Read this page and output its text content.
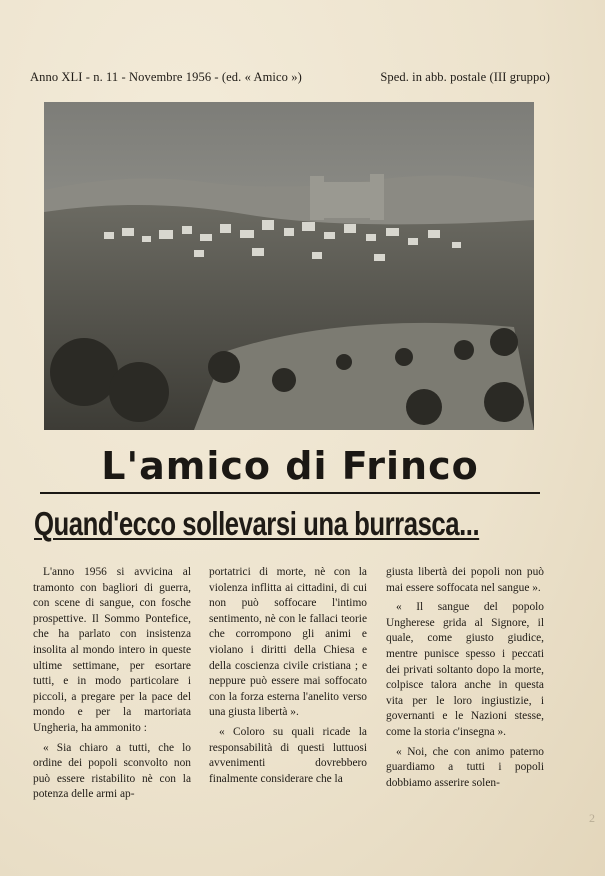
Anno XLI - n. 11 - Novembre 1956 - (ed. « Amico »)	Sped. in abb. postale (III gruppo)
L'amico di Frinco
Quand'ecco sollevarsi una burrasca...

L'anno 1956 si avvicina al tramonto con bagliori di guerra, con scene di sangue, con fosche prospettive. Il Sommo Pontefice, che ha parlato con insistenza insolita al mondo intero in queste ultime settimane, per esortare tutti, e in modo particolare i piccoli, a pregare per la pace del mondo e per la martoriata Ungheria, ha ammonito :

« Sia chiaro a tutti, che lo ordine dei popoli sconvolto non può essere ristabilito nè con la potenza delle armi ap-

portatrici di morte, nè con la violenza inflitta ai cittadini, di cui non può soffocare l'intimo sentimento, nè con le fallaci teorie che corrompono gli animi e violano i diritti della Chiesa e della coscienza civile cristiana ; e neppure può essere mai soffocato con la forza esterna l'anelito verso una giusta libertà ».

« Coloro su quali ricade la responsabilità di questi luttuosi avvenimenti dovrebbero finalmente considerare che la

giusta libertà dei popoli non può mai essere soffocata nel sangue ».

« Il sangue del popolo Ungherese grida al Signore, il quale, come giusto giudice, mentre punisce spesso i peccati dei privati soltanto dopo la morte, colpisce talora anche in questa vita per le loro ingiustizie, i governanti e le Nazioni stesse, come la storia c'insegna ».

« Noi, che con animo paterno guardiamo a tutti i popoli dobbiamo asserire solen-

2
